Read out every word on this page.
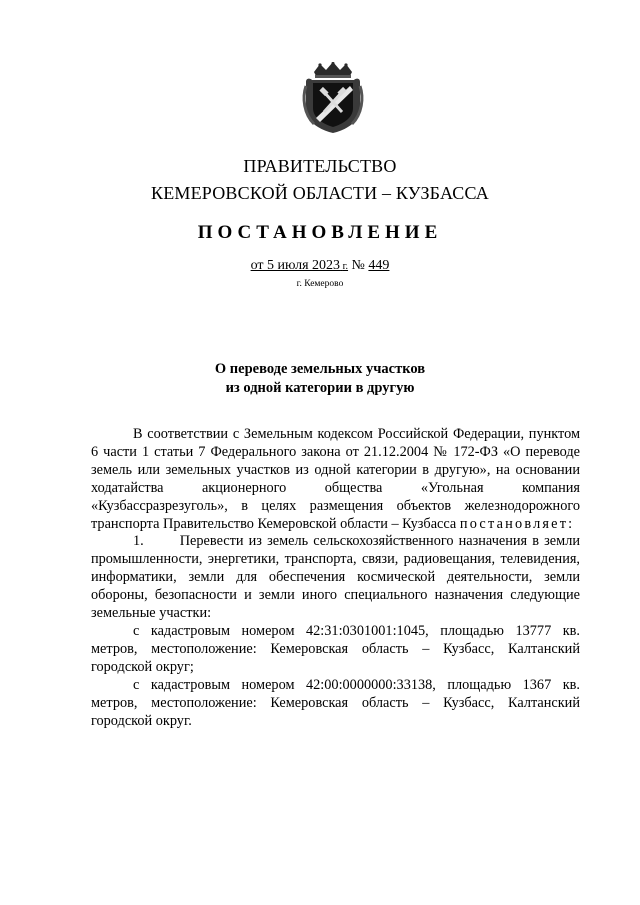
ПРАВИТЕЛЬСТВО
КЕМЕРОВСКОЙ ОБЛАСТИ – КУЗБАССА
ПОСТАНОВЛЕНИЕ
от 5 июля 2023 г. № 449
г. Кемерово
О переводе земельных участков
из одной категории в другую

В соответствии с Земельным кодексом Российской Федерации, пунктом 6 части 1 статьи 7 Федерального закона от 21.12.2004 № 172-ФЗ «О переводе земель или земельных участков из одной категории в другую», на основании ходатайства акционерного общества «Угольная компания «Кузбассразрезуголь», в целях размещения объектов железнодорожного транспорта Правительство Кемеровской области – Кузбасса постановляет:

1.	Перевести из земель сельскохозяйственного назначения в земли промышленности, энергетики, транспорта, связи, радиовещания, телевидения, информатики, земли для обеспечения космической деятельности, земли обороны, безопасности и земли иного специального назначения следующие земельные участки:

с кадастровым номером 42:31:0301001:1045, площадью 13777 кв. метров, местоположение: Кемеровская область – Кузбасс, Калтанский городской округ;

с кадастровым номером 42:00:0000000:33138, площадью 1367 кв. метров, местоположение: Кемеровская область – Кузбасс, Калтанский городской округ.
